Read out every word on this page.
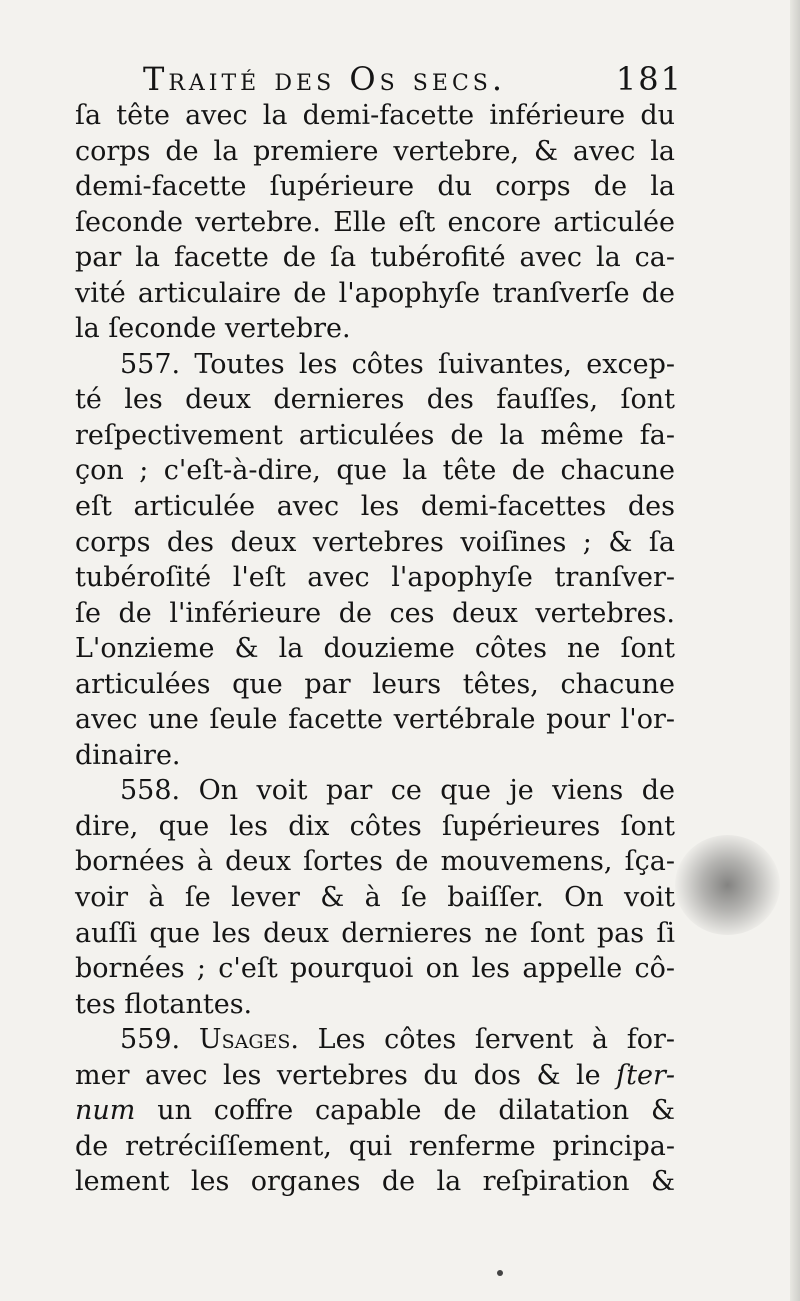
Traité des Os secs.	181
ſa tête avec la demi-facette inférieure du
corps de la premiere vertebre, & avec la
demi-facette ſupérieure du corps de la
ſeconde vertebre. Elle eſt encore articulée
par la facette de ſa tubérofité avec la ca-
vité articulaire de l'apophyſe tranſverſe de
la ſeconde vertebre.
557. Toutes les côtes ſuivantes, excep-
té les deux dernieres des fauſſes, ſont
reſpectivement articulées de la même fa-
çon ; c'eſt-à-dire, que la tête de chacune
eſt articulée avec les demi-facettes des
corps des deux vertebres voiſines ; & ſa
tubéroſité l'eſt avec l'apophyſe tranſver-
ſe de l'inférieure de ces deux vertebres.
L'onzieme & la douzieme côtes ne ſont
articulées que par leurs têtes, chacune
avec une ſeule facette vertébrale pour l'or-
dinaire.
558. On voit par ce que je viens de
dire, que les dix côtes ſupérieures ſont
bornées à deux ſortes de mouvemens, ſça-
voir à ſe lever & à ſe baiſſer. On voit
auſſi que les deux dernieres ne ſont pas ſi
bornées ; c'eſt pourquoi on les appelle cô-
tes flotantes.
559. Usages. Les côtes ſervent à for-
mer avec les vertebres du dos & le ſter-
num un coffre capable de dilatation &
de retréciſſement, qui renferme principa-
lement les organes de la reſpiration &
